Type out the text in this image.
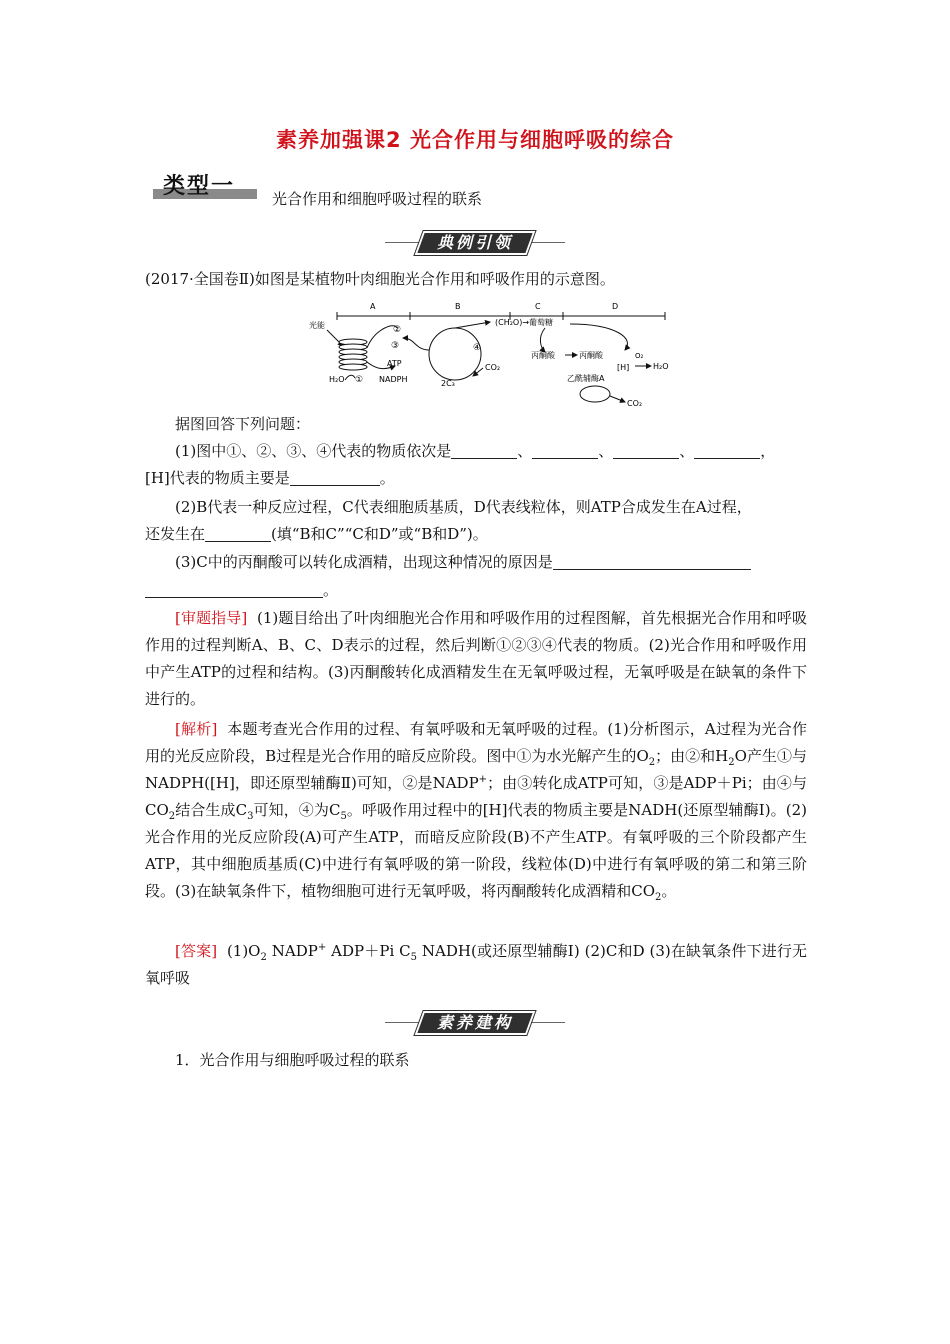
素养加强课2 光合作用与细胞呼吸的综合
类型一 光合作用和细胞呼吸过程的联系
典例引领
(2017·全国卷Ⅱ)如图是某植物叶肉细胞光合作用和呼吸作用的示意图。
A	B	C	D
光能
H₂O ①
②
③
ATP
NADPH
(CH₂O)→葡萄糖
④
2C₃
CO₂
丙酮酸	丙酮酸
[H]
O₂
H₂O
乙酰辅酶A
CO₂
据图回答下列问题：
(1)图中①、②、③、④代表的物质依次是	、	、	、	，
[H]代表的物质主要是	。
(2)B代表一种反应过程，C代表细胞质基质，D代表线粒体，则ATP合成发生在A过程，
还发生在	(填“B和C”“C和D”或“B和D”)。
(3)C中的丙酮酸可以转化成酒精，出现这种情况的原因是
。
[审题指导] (1)题目给出了叶肉细胞光合作用和呼吸作用的过程图解，首先根据光合作用和呼吸作用的过程判断A、B、C、D表示的过程，然后判断①②③④代表的物质。(2)光合作用和呼吸作用中产生ATP的过程和结构。(3)丙酮酸转化成酒精发生在无氧呼吸过程，无氧呼吸是在缺氧的条件下进行的。
[解析] 本题考查光合作用的过程、有氧呼吸和无氧呼吸的过程。(1)分析图示，A过程为光合作用的光反应阶段，B过程是光合作用的暗反应阶段。图中①为水光解产生的$O_2$；由②和$H_2O$产生①与NADPH([H]，即还原型辅酶Ⅱ)可知，②是NADP+；由③转化成ATP可知，③是ADP＋Pi；由④与$CO_2$结合生成$C_3$可知，④为$C_5$。呼吸作用过程中的[H]代表的物质主要是NADH(还原型辅酶Ⅰ)。(2)光合作用的光反应阶段(A)可产生ATP，而暗反应阶段(B)不产生ATP。有氧呼吸的三个阶段都产生ATP，其中细胞质基质(C)中进行有氧呼吸的第一阶段，线粒体(D)中进行有氧呼吸的第二和第三阶段。(3)在缺氧条件下，植物细胞可进行无氧呼吸，将丙酮酸转化成酒精和$CO_2$。
[答案] $(1)O_2$ NADP+ ADP＋Pi $C_5$ NADH(或还原型辅酶Ⅰ) (2)C和D (3)在缺氧条件下进行无氧呼吸
素养建构
1．光合作用与细胞呼吸过程的联系
